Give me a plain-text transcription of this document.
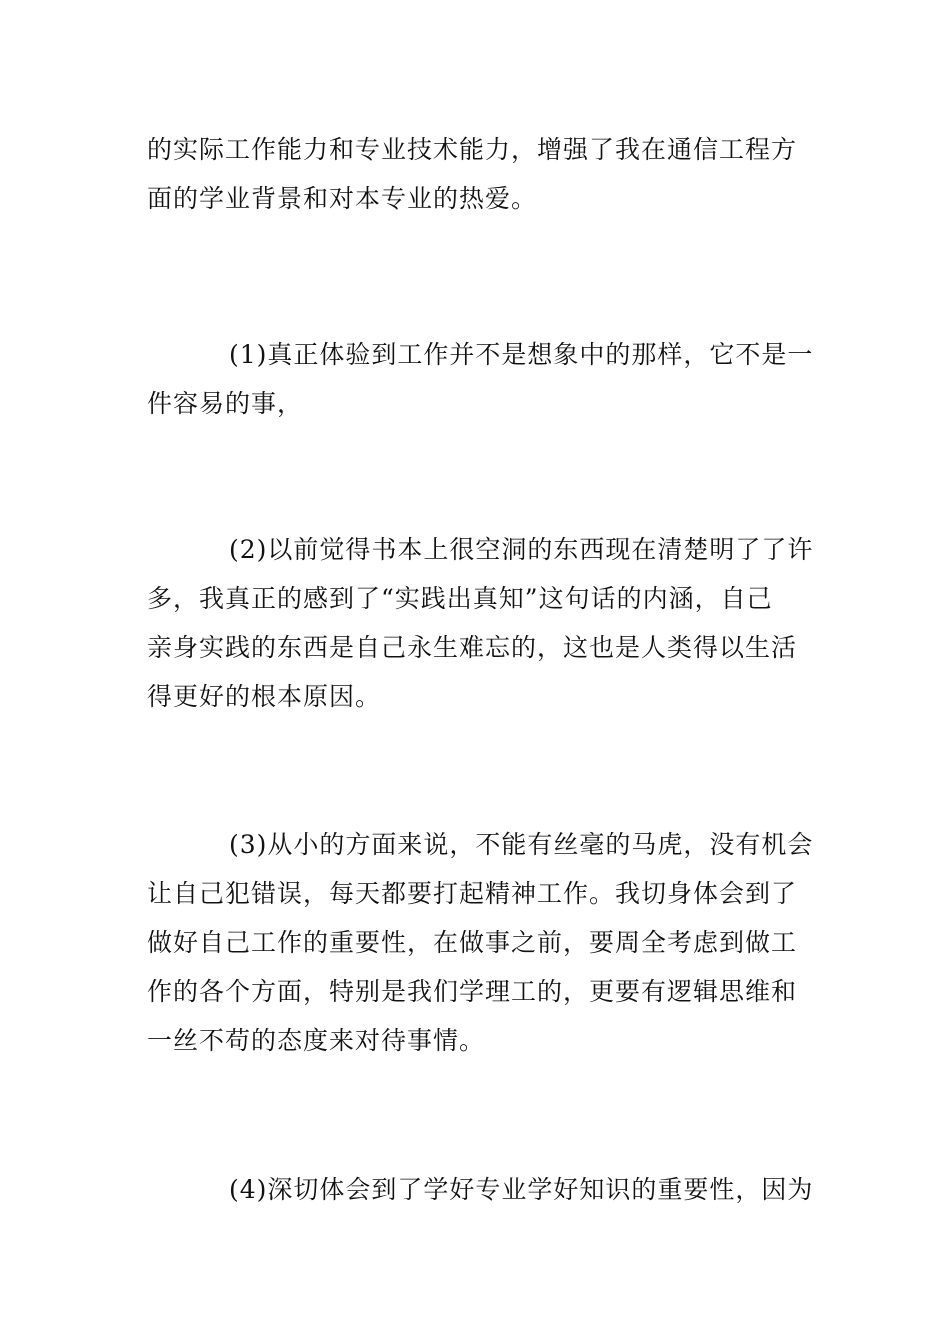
的实际工作能力和专业技术能力，增强了我在通信工程方
面的学业背景和对本专业的热爱。

(1)真正体验到工作并不是想象中的那样，它不是一
件容易的事，

(2)以前觉得书本上很空洞的东西现在清楚明了了许
多，我真正的感到了“实践出真知”这句话的内涵，自己
亲身实践的东西是自己永生难忘的，这也是人类得以生活
得更好的根本原因。

(3)从小的方面来说，不能有丝毫的马虎，没有机会
让自己犯错误，每天都要打起精神工作。我切身体会到了
做好自己工作的重要性，在做事之前，要周全考虑到做工
作的各个方面，特别是我们学理工的，更要有逻辑思维和
一丝不苟的态度来对待事情。

(4)深切体会到了学好专业学好知识的重要性，因为
